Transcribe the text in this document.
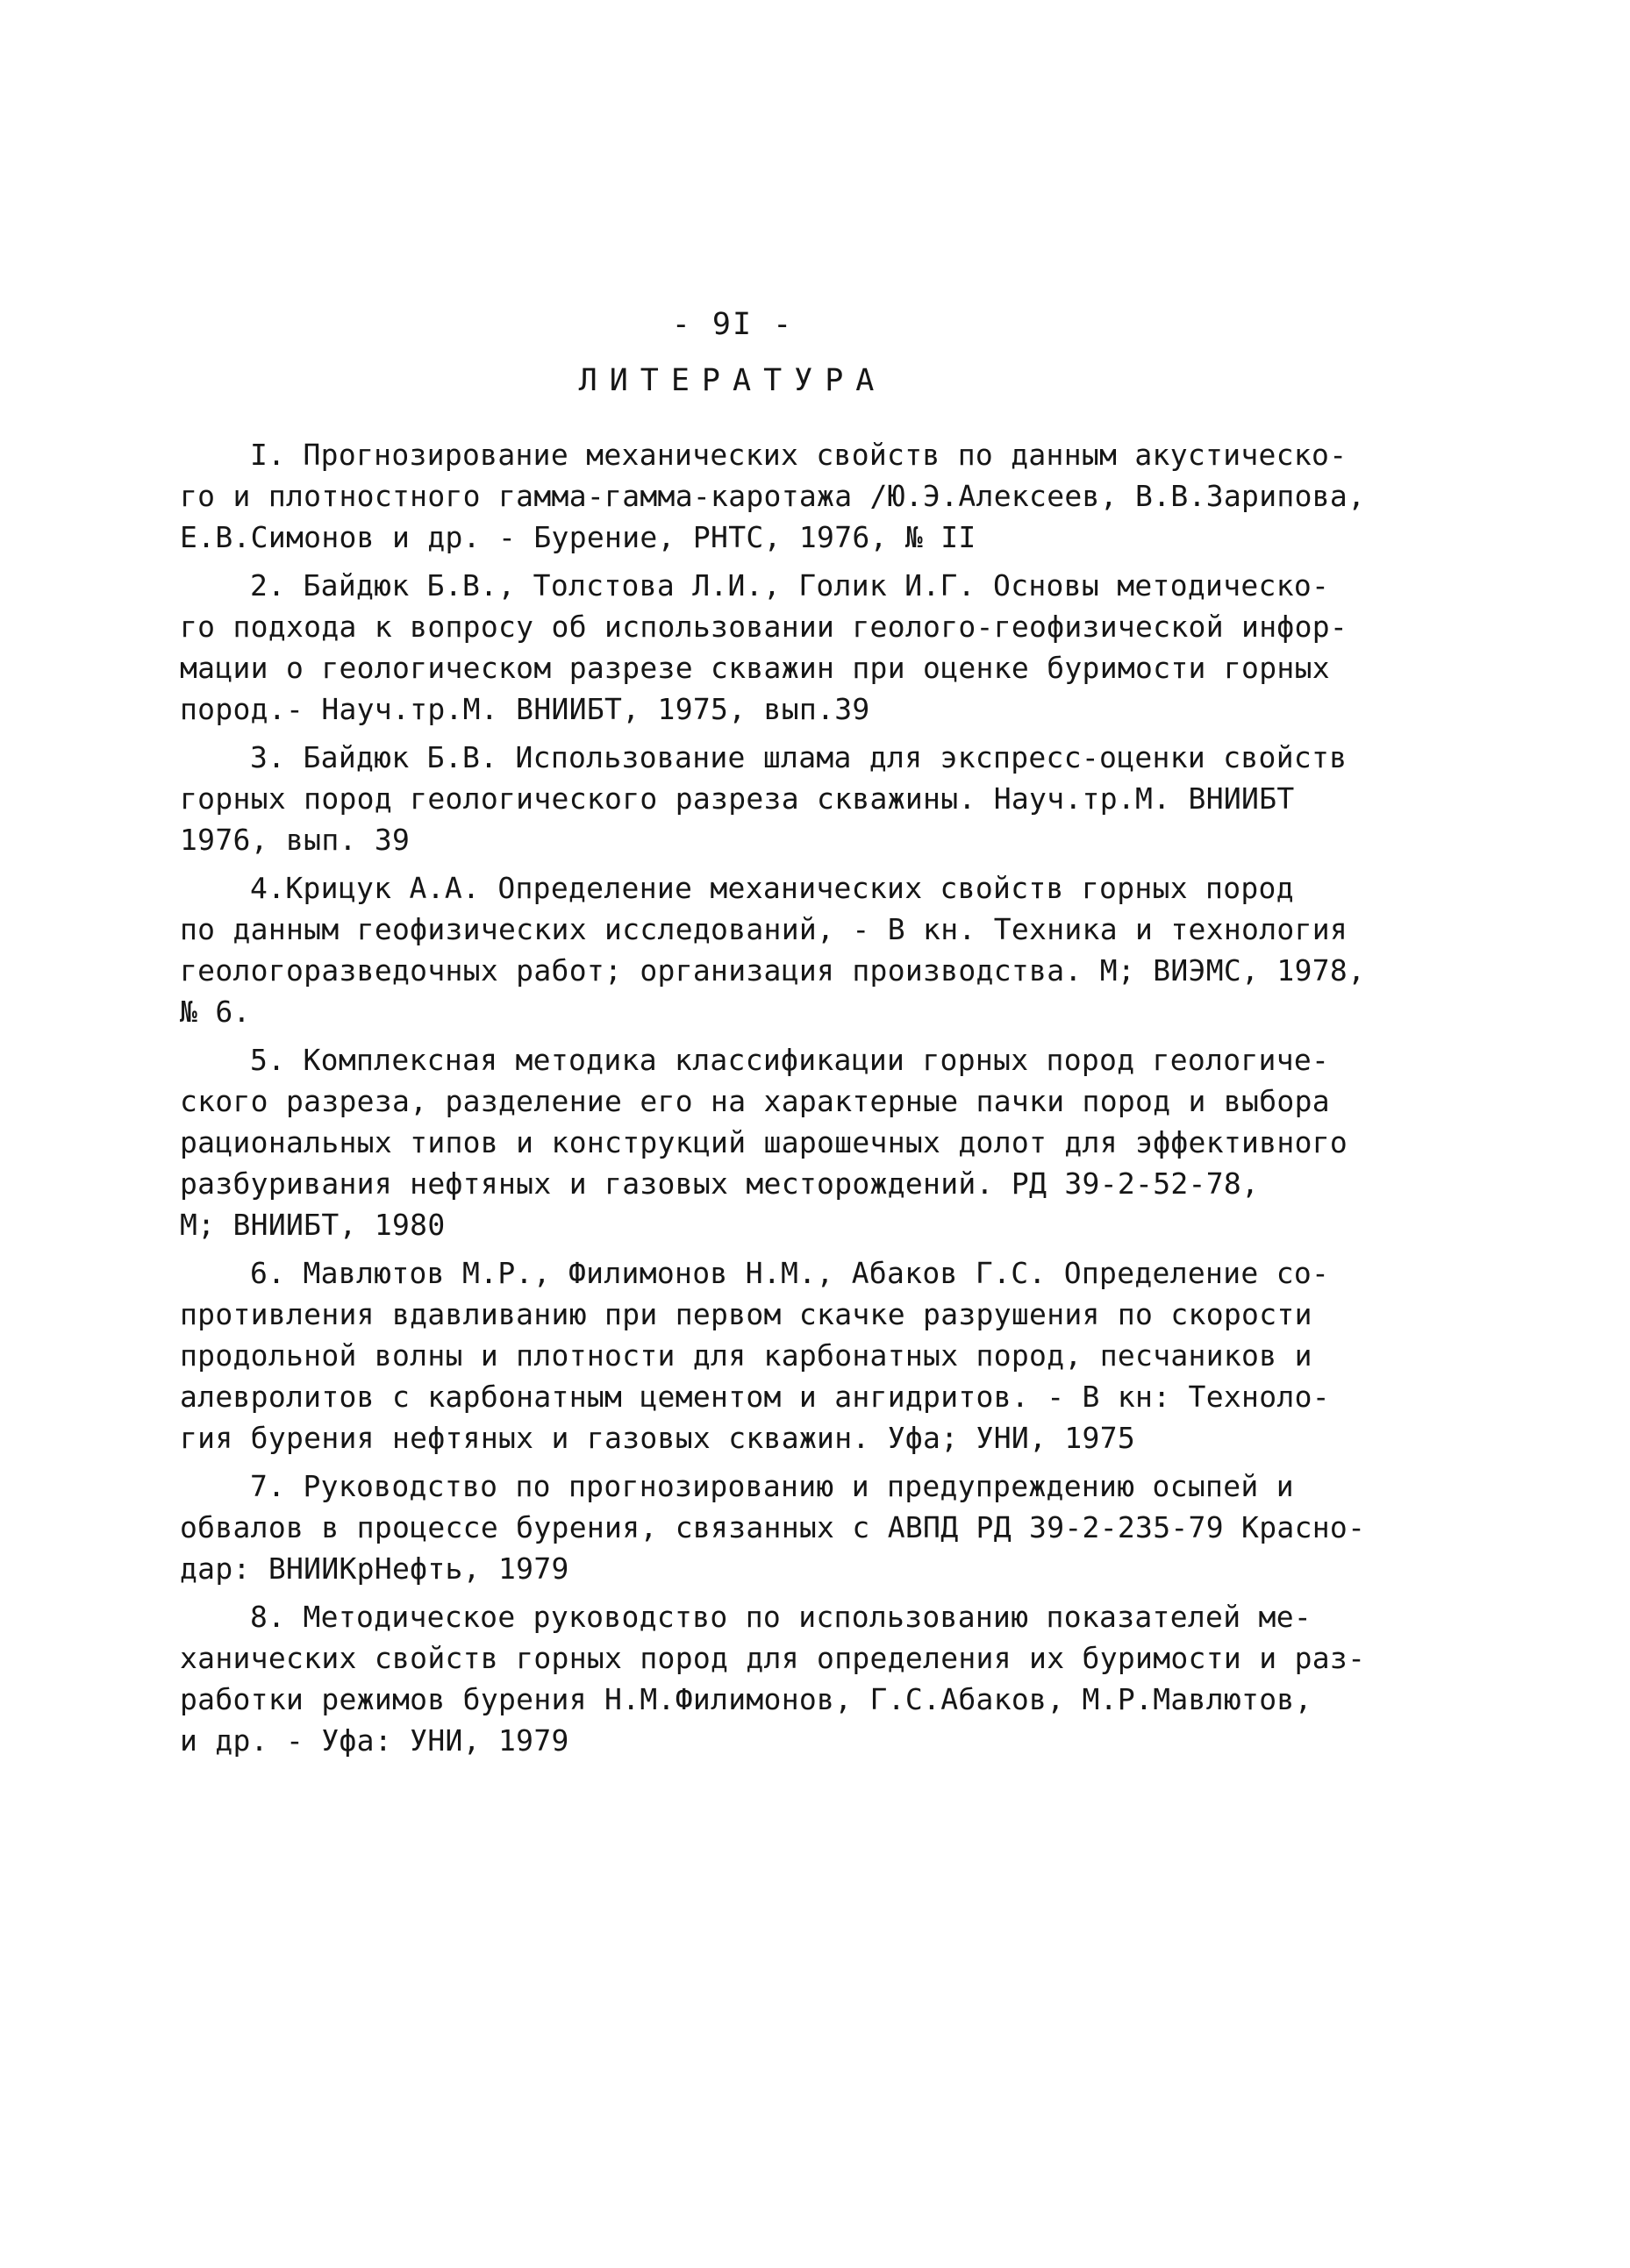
- 9I -
ЛИТЕРАТУРА
I. Прогнозирование механических свойств по данным акустическо-
го и плотностного гамма-гамма-каротажа /Ю.Э.Алексеев, В.В.Зарипова,
Е.В.Симонов и др. - Бурение, РНТС, 1976, № II
2. Байдюк Б.В., Толстова Л.И., Голик И.Г. Основы методическо-
го подхода к вопросу об использовании геолого-геофизической инфор-
мации о геологическом разрезе скважин при оценке буримости горных
пород.- Науч.тр.М. ВНИИБТ, 1975, вып.39
3. Байдюк Б.В. Использование шлама для экспресс-оценки свойств
горных пород геологического разреза скважины. Науч.тр.М. ВНИИБТ
1976, вып. 39
4.Крицук А.А. Определение механических свойств горных пород
по данным геофизических исследований, - В кн. Техника и технология
геологоразведочных работ; организация производства. М; ВИЭМС, 1978,
№ 6.
5. Комплексная методика классификации горных пород геологиче-
ского разреза, разделение его на характерные пачки пород и выбора
рациональных типов и конструкций шарошечных долот для эффективного
разбуривания нефтяных и газовых месторождений. РД 39-2-52-78,
М; ВНИИБТ, 1980
6. Мавлютов М.Р., Филимонов Н.М., Абаков Г.С. Определение со-
противления вдавливанию при первом скачке разрушения по скорости
продольной волны и плотности для карбонатных пород, песчаников и
алевролитов с карбонатным цементом и ангидритов. - В кн: Техноло-
гия бурения нефтяных и газовых скважин. Уфа; УНИ, 1975
7. Руководство по прогнозированию и предупреждению осыпей и
обвалов в процессе бурения, связанных с АВПД РД 39-2-235-79 Красно-
дар: ВНИИКрНефть, 1979
8. Методическое руководство по использованию показателей ме-
ханических свойств горных пород для определения их буримости и раз-
работки режимов бурения Н.М.Филимонов, Г.С.Абаков, М.Р.Мавлютов,
и др. - Уфа: УНИ, 1979
